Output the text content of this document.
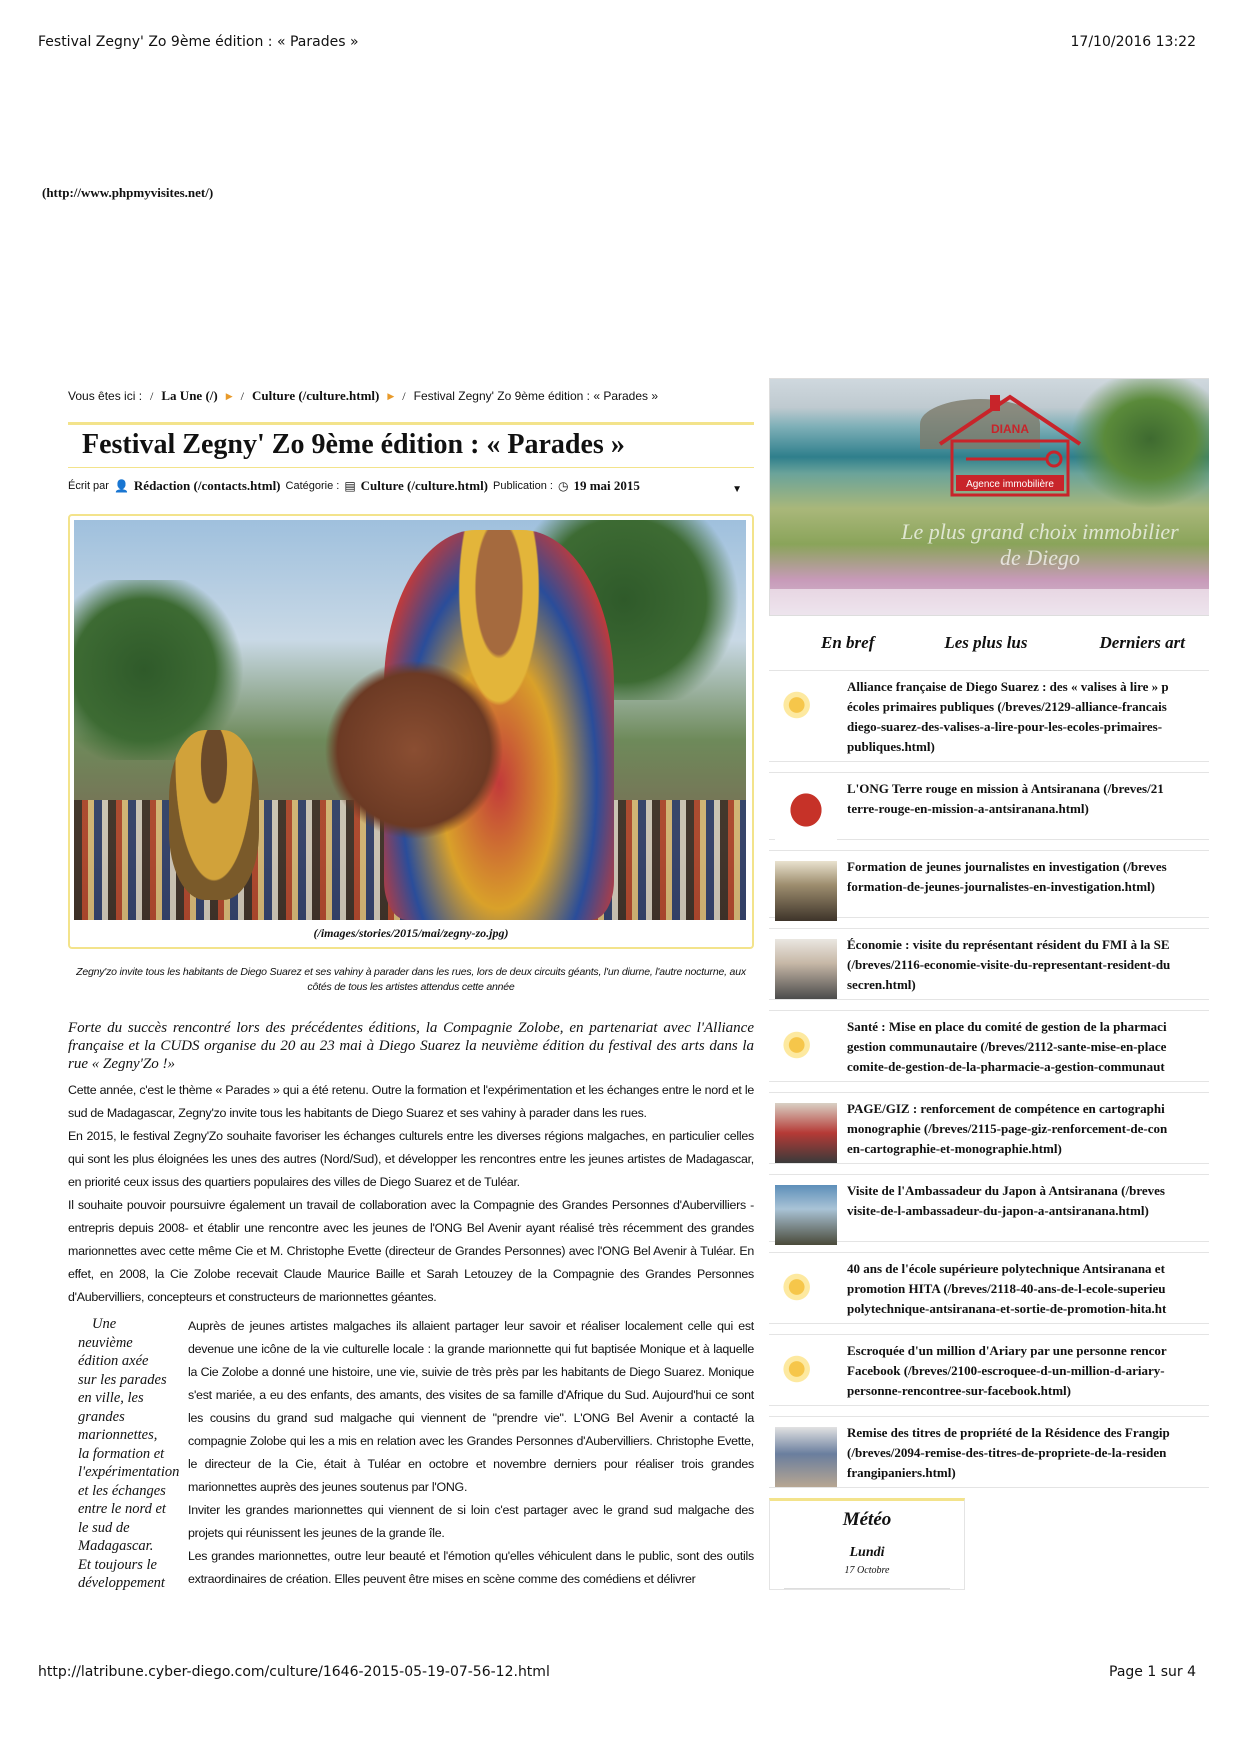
Festival Zegny' Zo 9ème édition : « Parades »	17/10/2016 13:22
(http://www.phpmyvisites.net/)
Vous êtes ici : / La Une (/) ▶ / Culture (/culture.html) ▶ / Festival Zegny' Zo 9ème édition : « Parades »
Festival Zegny' Zo 9ème édition : « Parades »
Écrit par 👤 Rédaction (/contacts.html) Catégorie : ▤ Culture (/culture.html) Publication : ◷ 19 mai 2015	▼
(/images/stories/2015/mai/zegny-zo.jpg)
Zegny'zo invite tous les habitants de Diego Suarez et ses vahiny à parader dans les rues, lors de deux circuits géants, l'un diurne, l'autre nocturne, aux côtés de tous les artistes attendus cette année
Forte du succès rencontré lors des précédentes éditions, la Compagnie Zolobe, en partenariat avec l'Alliance française et la CUDS organise du 20 au 23 mai à Diego Suarez la neuvième édition du festival des arts dans la rue « Zegny'Zo !»

Cette année, c'est le thème « Parades » qui a été retenu. Outre la formation et l'expérimentation et les échanges entre le nord et le sud de Madagascar, Zegny'zo invite tous les habitants de Diego Suarez et ses vahiny à parader dans les rues.

En 2015, le festival Zegny'Zo souhaite favoriser les échanges culturels entre les diverses régions malgaches, en particulier celles qui sont les plus éloignées les unes des autres (Nord/Sud), et développer les rencontres entre les jeunes artistes de Madagascar, en priorité ceux issus des quartiers populaires des villes de Diego Suarez et de Tuléar.

Il souhaite pouvoir poursuivre également un travail de collaboration avec la Compagnie des Grandes Personnes d'Aubervilliers -entrepris depuis 2008- et établir une rencontre avec les jeunes de l'ONG Bel Avenir ayant réalisé très récemment des grandes marionnettes avec cette même Cie et M. Christophe Evette (directeur de Grandes Personnes) avec l'ONG Bel Avenir à Tuléar. En effet, en 2008, la Cie Zolobe recevait Claude Maurice Baille et Sarah Letouzey de la Compagnie des Grandes Personnes d'Aubervilliers, concepteurs et constructeurs de marionnettes géantes.

Une
neuvième
édition axée
sur les parades
en ville, les
grandes
marionnettes,
la formation et
l'expérimentation
et les échanges
entre le nord et
le sud de
Madagascar.
Et toujours le
développement

Auprès de jeunes artistes malgaches ils allaient partager leur savoir et réaliser localement celle qui est devenue une icône de la vie culturelle locale : la grande marionnette qui fut baptisée Monique et à laquelle la Cie Zolobe a donné une histoire, une vie, suivie de très près par les habitants de Diego Suarez. Monique s'est mariée, a eu des enfants, des amants, des visites de sa famille d'Afrique du Sud. Aujourd'hui ce sont les cousins du grand sud malgache qui viennent de "prendre vie". L'ONG Bel Avenir a contacté la compagnie Zolobe qui les a mis en relation avec les Grandes Personnes d'Aubervilliers. Christophe Evette, le directeur de la Cie, était à Tuléar en octobre et novembre derniers pour réaliser trois grandes marionnettes auprès des jeunes soutenus par l'ONG.

Inviter les grandes marionnettes qui viennent de si loin c'est partager avec le grand sud malgache des projets qui réunissent les jeunes de la grande île.

Les grandes marionnettes, outre leur beauté et l'émotion qu'elles véhiculent dans le public, sont des outils extraordinaires de création. Elles peuvent être mises en scène comme des comédiens et délivrer

DIANA
Agence immobilière
Le plus grand choix immobilier de Diego
En bref	Les plus lus	Derniers art
Alliance française de Diego Suarez : des « valises à lire » p
écoles primaires publiques (/breves/2129-alliance-francais
diego-suarez-des-valises-a-lire-pour-les-ecoles-primaires-
publiques.html)
L'ONG Terre rouge en mission à Antsiranana (/breves/21
terre-rouge-en-mission-a-antsiranana.html)
Formation de jeunes journalistes en investigation (/breves
formation-de-jeunes-journalistes-en-investigation.html)
Économie : visite du représentant résident du FMI à la SE
(/breves/2116-economie-visite-du-representant-resident-du
secren.html)
Santé : Mise en place du comité de gestion de la pharmaci
gestion communautaire (/breves/2112-sante-mise-en-place
comite-de-gestion-de-la-pharmacie-a-gestion-communaut
PAGE/GIZ : renforcement de compétence en cartographi
monographie (/breves/2115-page-giz-renforcement-de-con
en-cartographie-et-monographie.html)
Visite de l'Ambassadeur du Japon à Antsiranana (/breves
visite-de-l-ambassadeur-du-japon-a-antsiranana.html)
40 ans de l'école supérieure polytechnique Antsiranana et
promotion HITA (/breves/2118-40-ans-de-l-ecole-superieu
polytechnique-antsiranana-et-sortie-de-promotion-hita.ht
Escroquée d'un million d'Ariary par une personne rencor
Facebook (/breves/2100-escroquee-d-un-million-d-ariary-
personne-rencontree-sur-facebook.html)
Remise des titres de propriété de la Résidence des Frangip
(/breves/2094-remise-des-titres-de-propriete-de-la-residen
frangipaniers.html)
Météo
Lundi
17 Octobre
http://latribune.cyber-diego.com/culture/1646-2015-05-19-07-56-12.html	Page 1 sur 4
